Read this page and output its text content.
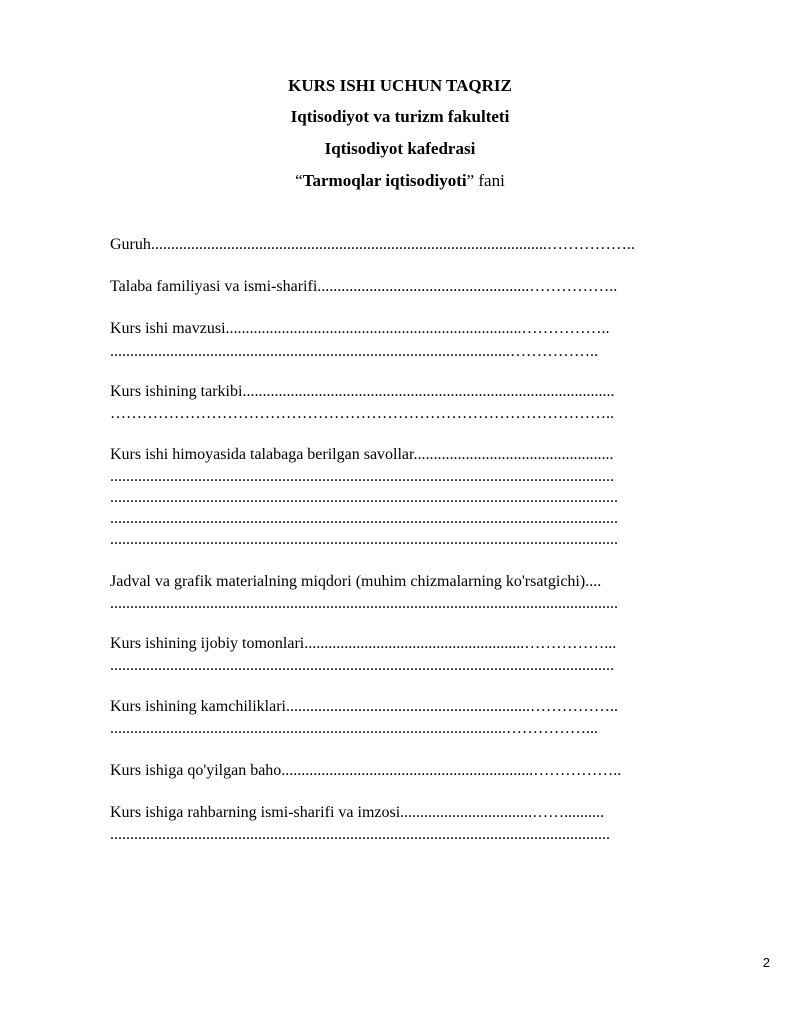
KURS ISHI UCHUN TAQRIZ
Iqtisodiyot va turizm fakulteti
Iqtisodiyot kafedrasi
“Tarmoqlar iqtisodiyoti” fani
Guruh...................................................................................................……………..
Talaba familiyasi va ismi-sharifi.....................................................……………..
Kurs ishi mavzusi..........................................................................……………..
....................................................................................................……………..
Kurs ishining tarkibi.............................................................................................
…………………………………………………………………………………..
Kurs ishi himoyasida talabaga berilgan savollar..................................................
..............................................................................................................................
...............................................................................................................................
...............................................................................................................................
...............................................................................................................................
Jadval va grafik materialning miqdori (muhim chizmalarning ko'rsatgichi)....
...............................................................................................................................
Kurs ishining ijobiy tomonlari.......................................................……………...
..............................................................................................................................
Kurs ishining kamchiliklari.............................................................……………..
...................................................................................................……………...
Kurs ishiga qo'yilgan baho...............................................................……………..
Kurs ishiga rahbarning ismi-sharifi va imzosi.................................……..........
.............................................................................................................................
2
